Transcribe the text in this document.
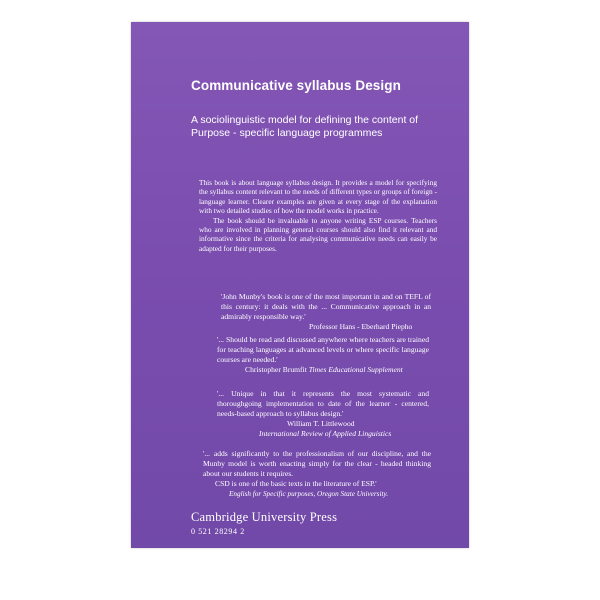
Communicative syllabus Design
A sociolinguistic model for defining the content of
Purpose - specific language programmes

This book is about language syllabus design. It provides a model for specifying the syllabus content relevant to the needs of different types or groups of foreign - language learner. Clearer examples are given at every stage of the explanation with two detailed studies of how the model works in practice.

The book should be invaluable to anyone writing ESP courses. Teachers who are involved in planning general courses should also find it relevant and informative since the criteria for analysing communicative needs can easily be adapted for their purposes.

'John Munby's book is one of the most important in and on TEFL of this century: it deals with the ... Communicative approach in an admirably responsible way.'
Professor Hans - Eberhard Piepho
'... Should be read and discussed anywhere where teachers are trained for teaching languages at advanced levels or where specific language courses are needed.'
Christopher Brumfit Times Educational Supplement
'... Unique in that it represents the most systematic and thoroughgoing implementation to date of the learner - centered, needs-based approach to syllabus design.'
William T. Littlewood
International Review of Applied Linguistics
'... adds significantly to the professionalism of our discipline, and the Munby model is worth enacting simply for the clear - headed thinking about our students it requires.
CSD is one of the basic texts in the literature of ESP.'
English for Specific purposes, Oregon State University.
Cambridge University Press
0 521 28294 2
